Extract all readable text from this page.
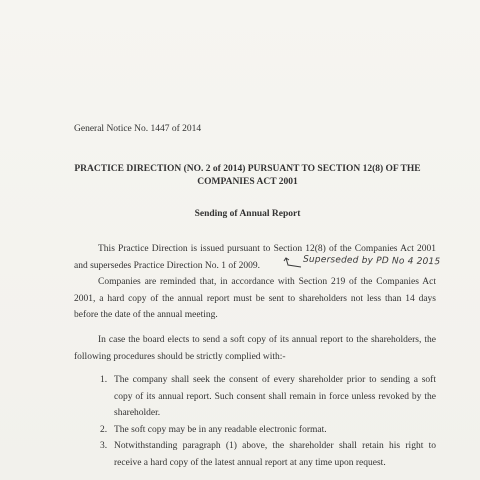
General Notice No. 1447 of 2014
PRACTICE DIRECTION (NO. 2 of 2014) PURSUANT TO SECTION 12(8) OF THE COMPANIES ACT 2001
Sending of Annual Report
This Practice Direction is issued pursuant to Section 12(8) of the Companies Act 2001 and supersedes Practice Direction No. 1 of 2009.	Superseded by PD No 4 2015
Companies are reminded that, in accordance with Section 219 of the Companies Act 2001, a hard copy of the annual report must be sent to shareholders not less than 14 days before the date of the annual meeting.
In case the board elects to send a soft copy of its annual report to the shareholders, the following procedures should be strictly complied with:-
1. The company shall seek the consent of every shareholder prior to sending a soft copy of its annual report. Such consent shall remain in force unless revoked by the shareholder.
2. The soft copy may be in any readable electronic format.
3. Notwithstanding paragraph (1) above, the shareholder shall retain his right to receive a hard copy of the latest annual report at any time upon request.
